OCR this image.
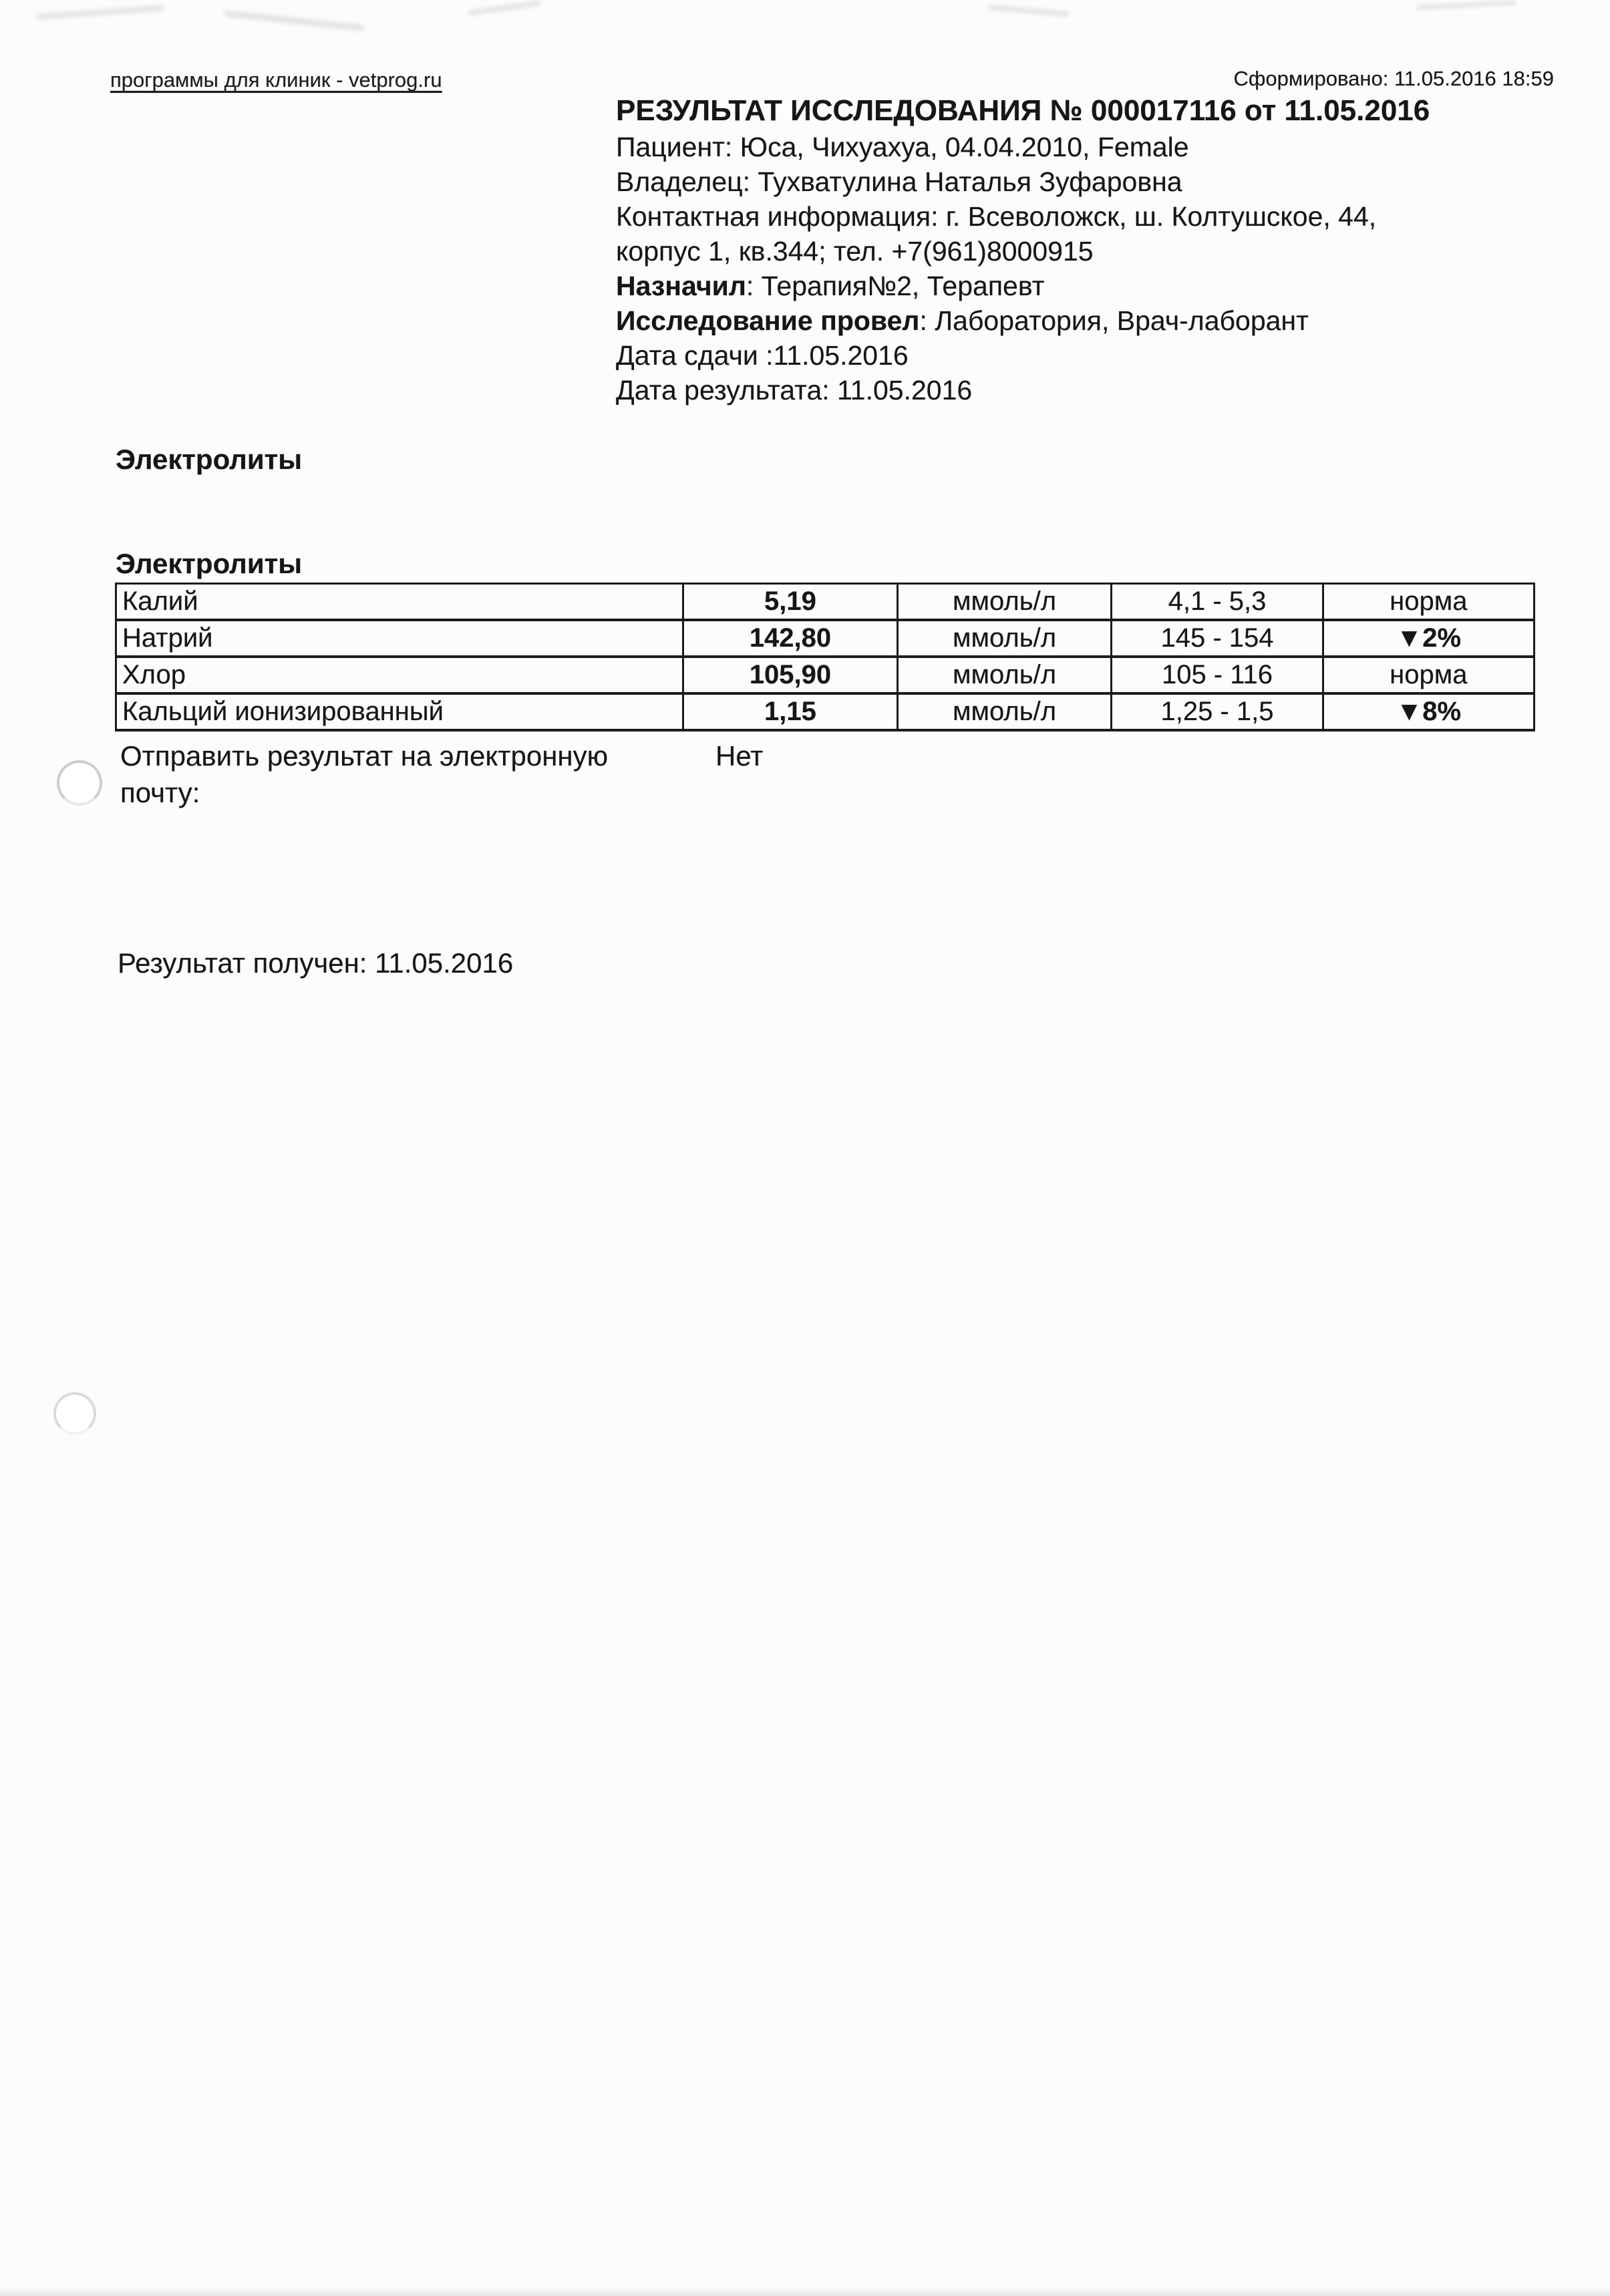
программы для клиник - vetprog.ru	Сформировано: 11.05.2016 18:59
РЕЗУЛЬТАТ ИССЛЕДОВАНИЯ № 000017116 от 11.05.2016
Пациент: Юса, Чихуахуа, 04.04.2010, Female
Владелец: Тухватулина Наталья Зуфаровна
Контактная информация: г. Всеволожск, ш. Колтушское, 44,
корпус 1, кв.344; тел. +7(961)8000915
Назначил: Терапия№2, Терапевт
Исследование провел: Лаборатория, Врач-лаборант
Дата сдачи :11.05.2016
Дата результата: 11.05.2016
Электролиты
Электролиты
Калий	5,19	ммоль/л	4,1 - 5,3	норма
Натрий	142,80	ммоль/л	145 - 154	▼2%
Хлор	105,90	ммоль/л	105 - 116	норма
Кальций ионизированный	1,15	ммоль/л	1,25 - 1,5	▼8%
Отправить результат на электронную
почту:
Нет
Результат получен: 11.05.2016
